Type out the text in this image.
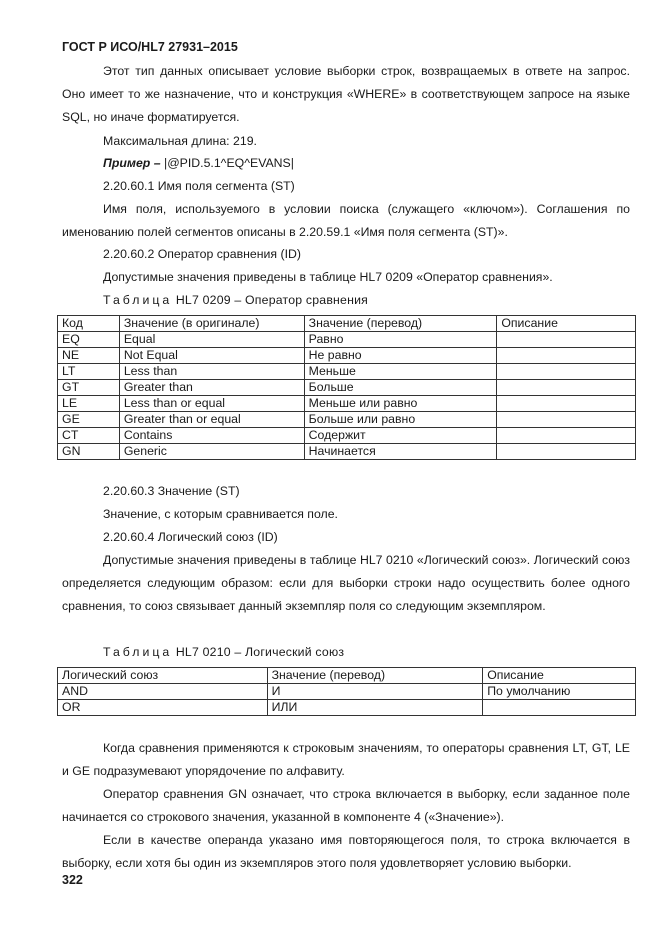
ГОСТ Р ИСО/HL7 27931–2015

Этот тип данных описывает условие выборки строк, возвращаемых в ответе на запрос. Оно имеет то же назначение, что и конструкция «WHERE» в соответствующем запросе на языке SQL, но иначе форматируется.

Максимальная длина: 219.
Пример – |@PID.5.1^EQ^EVANS|
2.20.60.1 Имя поля сегмента (ST)

Имя поля, используемого в условии поиска (служащего «ключом»). Соглашения по именованию полей сегментов описаны в 2.20.59.1 «Имя поля сегмента (ST)».

2.20.60.2 Оператор сравнения (ID)
Допустимые значения приведены в таблице HL7 0209 «Оператор сравнения».
Таблица HL7 0209 – Оператор сравнения
Код	Значение (в оригинале)	Значение (перевод)	Описание
EQ	Equal	Равно	
NE	Not Equal	Не равно	
LT	Less than	Меньше	
GT	Greater than	Больше	
LE	Less than or equal	Меньше или равно	
GE	Greater than or equal	Больше или равно	
CT	Contains	Содержит	
GN	Generic	Начинается	
2.20.60.3 Значение (ST)
Значение, с которым сравнивается поле.
2.20.60.4 Логический союз (ID)

Допустимые значения приведены в таблице HL7 0210 «Логический союз». Логический союз определяется следующим образом: если для выборки строки надо осуществить более одного сравнения, то союз связывает данный экземпляр поля со следующим экземпляром.

Таблица HL7 0210 – Логический союз
Логический союз	Значение (перевод)	Описание
AND	И	По умолчанию
OR	ИЛИ	

Когда сравнения применяются к строковым значениям, то операторы сравнения LT, GT, LE и GE подразумевают упорядочение по алфавиту.

Оператор сравнения GN означает, что строка включается в выборку, если заданное поле начинается со строкового значения, указанной в компоненте 4 («Значение»).

Если в качестве операнда указано имя повторяющегося поля, то строка включается в выборку, если хотя бы один из экземпляров этого поля удовлетворяет условию выборки.

322
